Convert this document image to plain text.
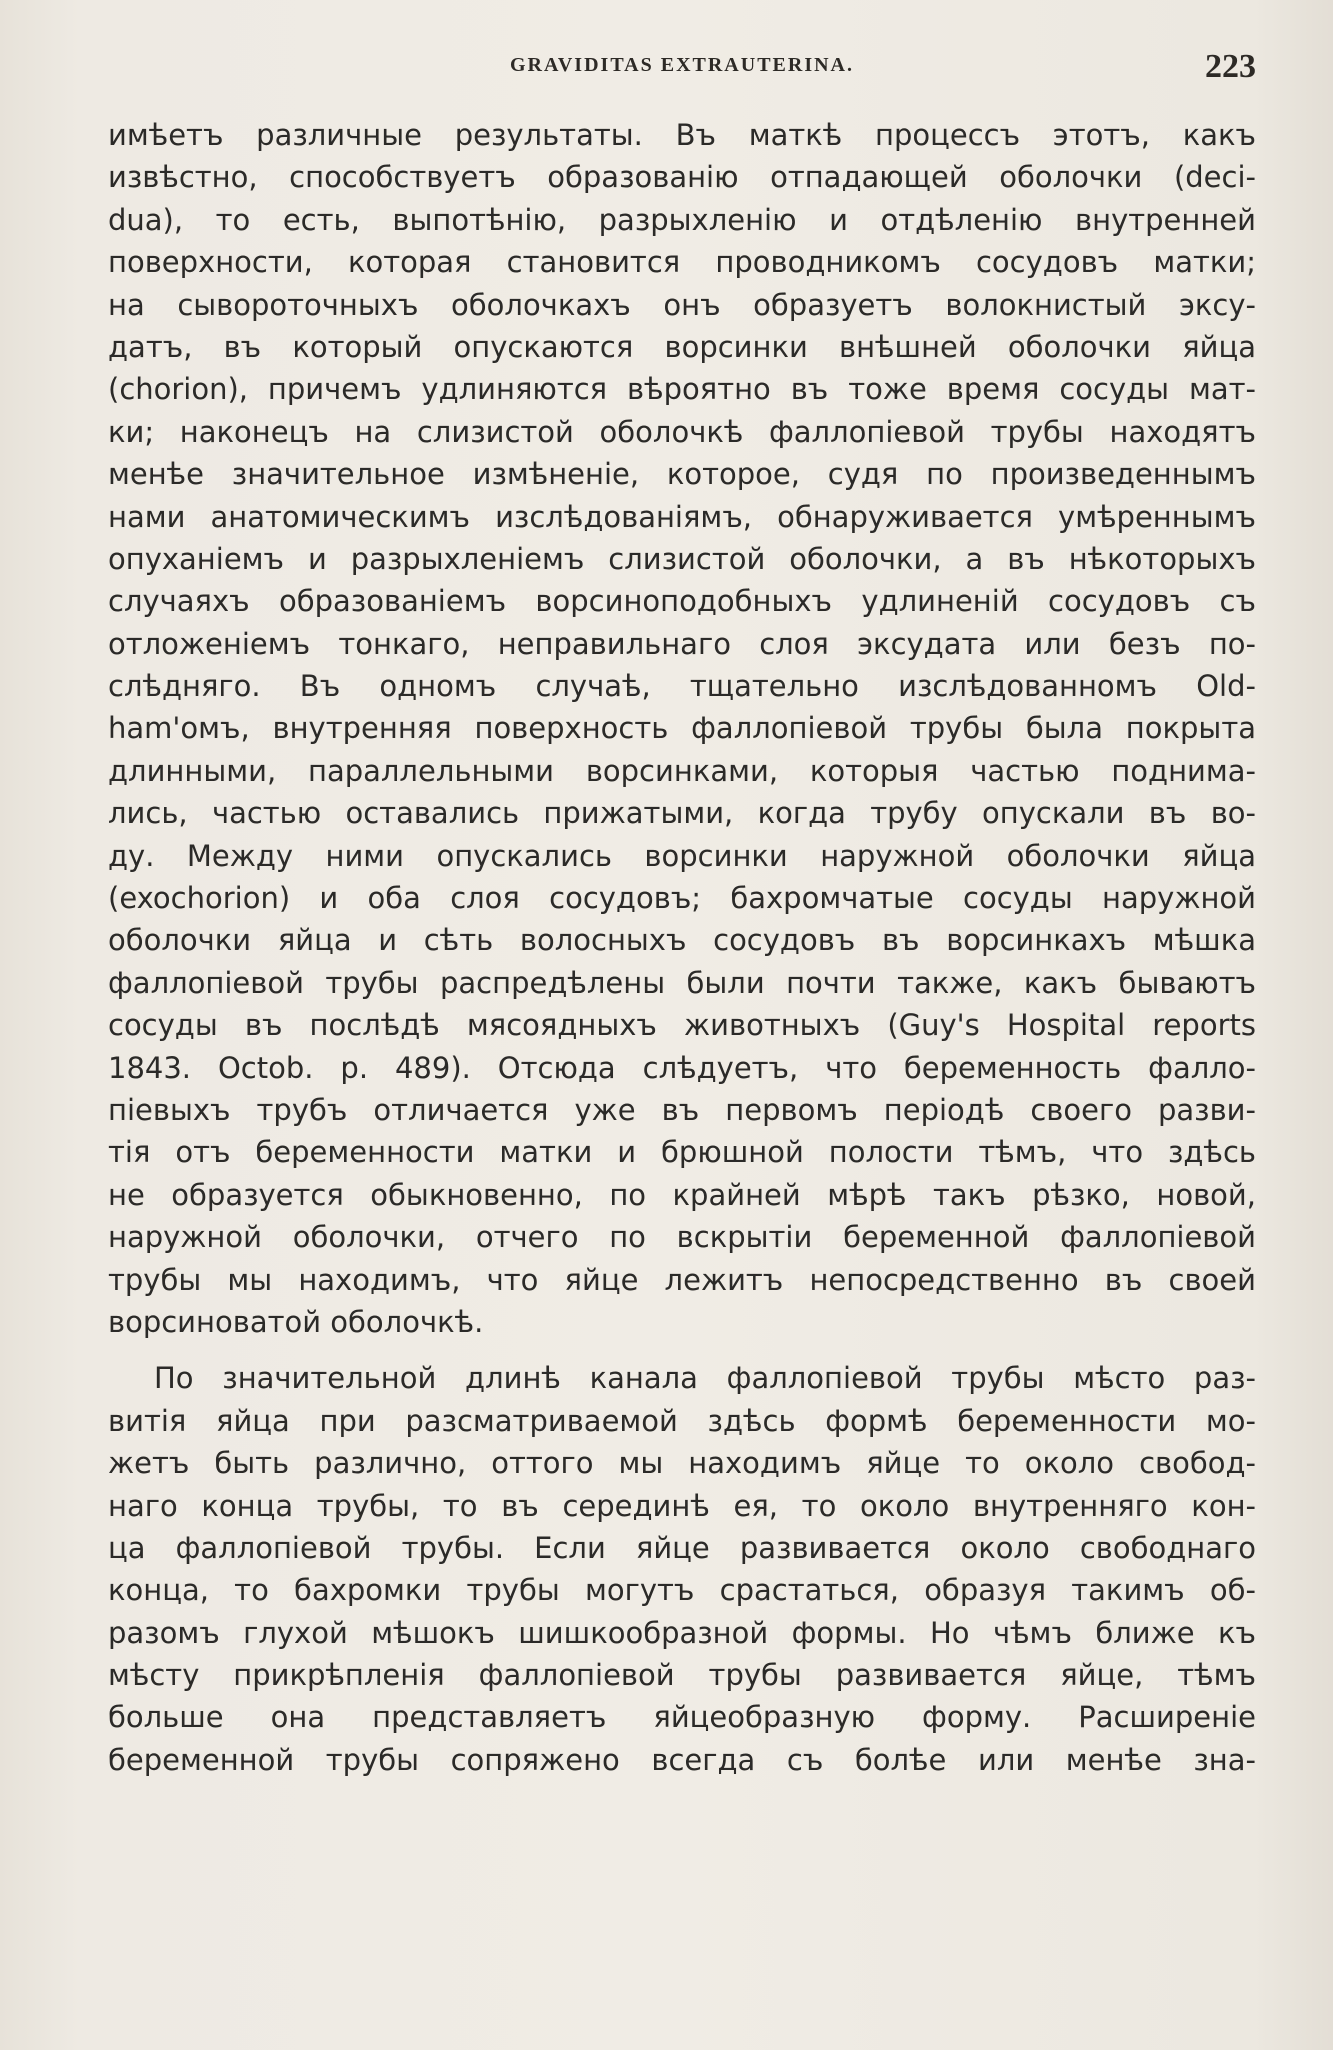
GRAVIDITAS EXTRAUTERINA.	223
имѣетъ различные результаты. Въ маткѣ процессъ этотъ, какъ
извѣстно, способствуетъ образованію отпадающей оболочки (deci-
dua), то есть, выпотѣнію, разрыхленію и отдѣленію внутренней
поверхности, которая становится проводникомъ сосудовъ матки;
на сывороточныхъ оболочкахъ онъ образуетъ волокнистый эксу-
датъ, въ который опускаются ворсинки внѣшней оболочки яйца
(chorion), причемъ удлиняются вѣроятно въ тоже время сосуды мат-
ки; наконецъ на слизистой оболочкѣ фаллопіевой трубы находятъ
менѣе значительное измѣненіе, которое, судя по произведеннымъ
нами анатомическимъ изслѣдованіямъ, обнаруживается умѣреннымъ
опуханіемъ и разрыхленіемъ слизистой оболочки, а въ нѣкоторыхъ
случаяхъ образованіемъ ворсиноподобныхъ удлиненій сосудовъ съ
отложеніемъ тонкаго, неправильнаго слоя эксудата или безъ по-
слѣдняго. Въ одномъ случаѣ, тщательно изслѣдованномъ Old-
ham'омъ, внутренняя поверхность фаллопіевой трубы была покрыта
длинными, параллельными ворсинками, которыя частью поднима-
лись, частью оставались прижатыми, когда трубу опускали въ во-
ду. Между ними опускались ворсинки наружной оболочки яйца
(exochorion) и оба слоя сосудовъ; бахромчатые сосуды наружной
оболочки яйца и сѣть волосныхъ сосудовъ въ ворсинкахъ мѣшка
фаллопіевой трубы распредѣлены были почти также, какъ бываютъ
сосуды въ послѣдѣ мясоядныхъ животныхъ (Guy's Hospital reports
1843. Octob. p. 489). Отсюда слѣдуетъ, что беременность фалло-
піевыхъ трубъ отличается уже въ первомъ періодѣ своего разви-
тія отъ беременности матки и брюшной полости тѣмъ, что здѣсь
не образуется обыкновенно, по крайней мѣрѣ такъ рѣзко, новой,
наружной оболочки, отчего по вскрытіи беременной фаллопіевой
трубы мы находимъ, что яйце лежитъ непосредственно въ своей
ворсиноватой оболочкѣ.
По значительной длинѣ канала фаллопіевой трубы мѣсто раз-
витія яйца при разсматриваемой здѣсь формѣ беременности мо-
жетъ быть различно, оттого мы находимъ яйце то около свобод-
наго конца трубы, то въ серединѣ ея, то около внутренняго кон-
ца фаллопіевой трубы. Если яйце развивается около свободнаго
конца, то бахромки трубы могутъ срастаться, образуя такимъ об-
разомъ глухой мѣшокъ шишкообразной формы. Но чѣмъ ближе къ
мѣсту прикрѣпленія фаллопіевой трубы развивается яйце, тѣмъ
больше она представляетъ яйцеобразную форму. Расширеніе
беременной трубы сопряжено всегда съ болѣе или менѣе зна-
